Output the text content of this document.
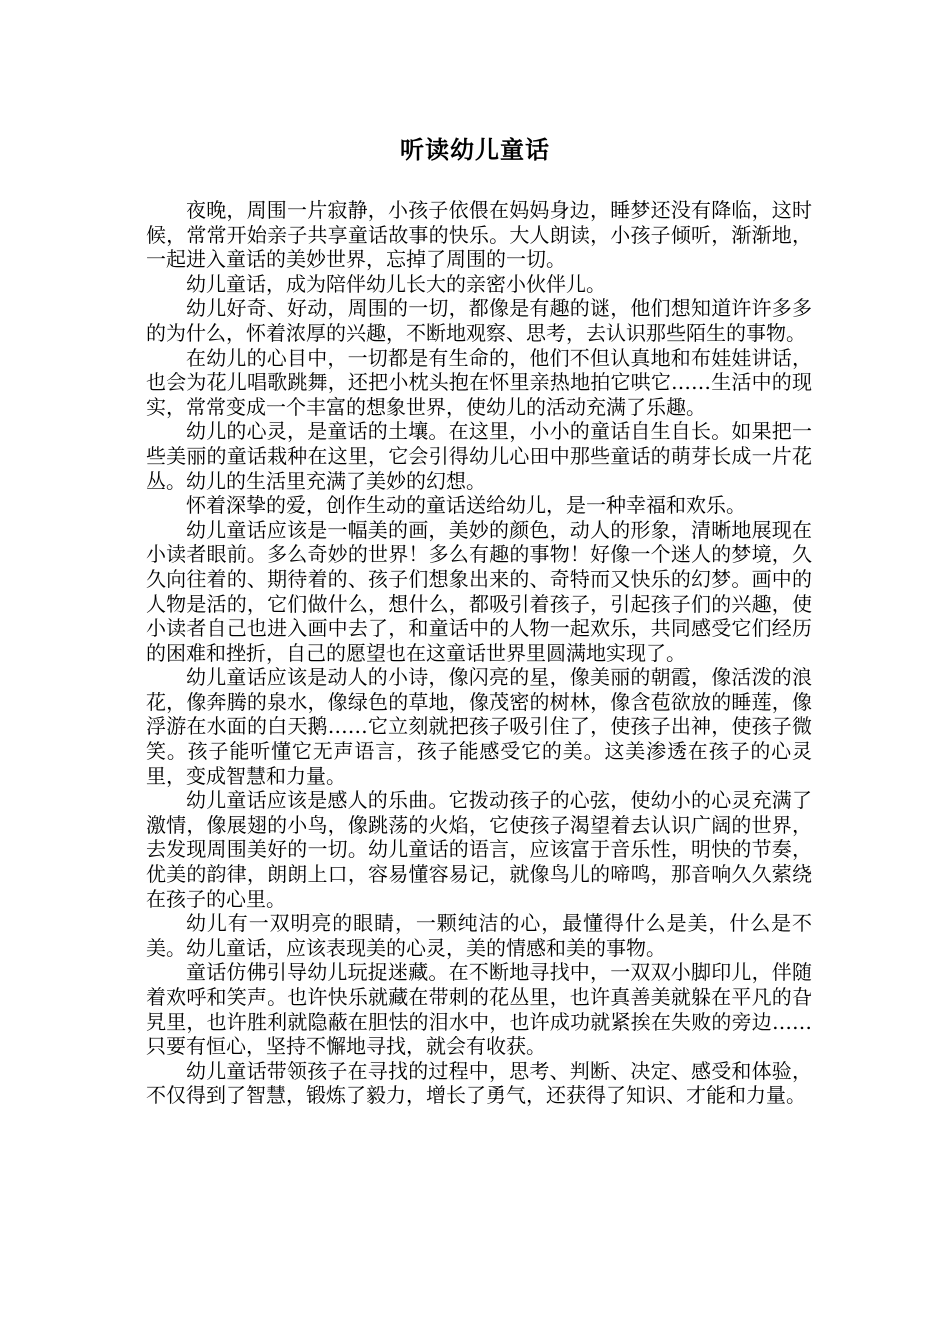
听读幼儿童话

夜晚，周围一片寂静，小孩子依偎在妈妈身边，睡梦还没有降临，这时候，常常开始亲子共享童话故事的快乐。大人朗读，小孩子倾听，渐渐地，一起进入童话的美妙世界，忘掉了周围的一切。

幼儿童话，成为陪伴幼儿长大的亲密小伙伴儿。

幼儿好奇、好动，周围的一切，都像是有趣的谜，他们想知道许许多多的为什么，怀着浓厚的兴趣，不断地观察、思考，去认识那些陌生的事物。

在幼儿的心目中，一切都是有生命的，他们不但认真地和布娃娃讲话，也会为花儿唱歌跳舞，还把小枕头抱在怀里亲热地拍它哄它……生活中的现实，常常变成一个丰富的想象世界，使幼儿的活动充满了乐趣。

幼儿的心灵，是童话的土壤。在这里，小小的童话自生自长。如果把一些美丽的童话栽种在这里，它会引得幼儿心田中那些童话的萌芽长成一片花丛。幼儿的生活里充满了美妙的幻想。

怀着深挚的爱，创作生动的童话送给幼儿，是一种幸福和欢乐。

幼儿童话应该是一幅美的画，美妙的颜色，动人的形象，清晰地展现在小读者眼前。多么奇妙的世界！多么有趣的事物！好像一个迷人的梦境，久久向往着的、期待着的、孩子们想象出来的、奇特而又快乐的幻梦。画中的人物是活的，它们做什么，想什么，都吸引着孩子，引起孩子们的兴趣，使小读者自己也进入画中去了，和童话中的人物一起欢乐，共同感受它们经历的困难和挫折，自己的愿望也在这童话世界里圆满地实现了。

幼儿童话应该是动人的小诗，像闪亮的星，像美丽的朝霞，像活泼的浪花，像奔腾的泉水，像绿色的草地，像茂密的树林，像含苞欲放的睡莲，像浮游在水面的白天鹅……它立刻就把孩子吸引住了，使孩子出神，使孩子微笑。孩子能听懂它无声语言，孩子能感受它的美。这美渗透在孩子的心灵里，变成智慧和力量。

幼儿童话应该是感人的乐曲。它拨动孩子的心弦，使幼小的心灵充满了激情，像展翅的小鸟，像跳荡的火焰，它使孩子渴望着去认识广阔的世界，去发现周围美好的一切。幼儿童话的语言，应该富于音乐性，明快的节奏，优美的韵律，朗朗上口，容易懂容易记，就像鸟儿的啼鸣，那音响久久萦绕在孩子的心里。

幼儿有一双明亮的眼睛，一颗纯洁的心，最懂得什么是美，什么是不美。幼儿童话，应该表现美的心灵，美的情感和美的事物。

童话仿佛引导幼儿玩捉迷藏。在不断地寻找中，一双双小脚印儿，伴随着欢呼和笑声。也许快乐就藏在带刺的花丛里，也许真善美就躲在平凡的旮旯里，也许胜利就隐蔽在胆怯的泪水中，也许成功就紧挨在失败的旁边……只要有恒心，坚持不懈地寻找，就会有收获。

幼儿童话带领孩子在寻找的过程中，思考、判断、决定、感受和体验，不仅得到了智慧，锻炼了毅力，增长了勇气，还获得了知识、才能和力量。
